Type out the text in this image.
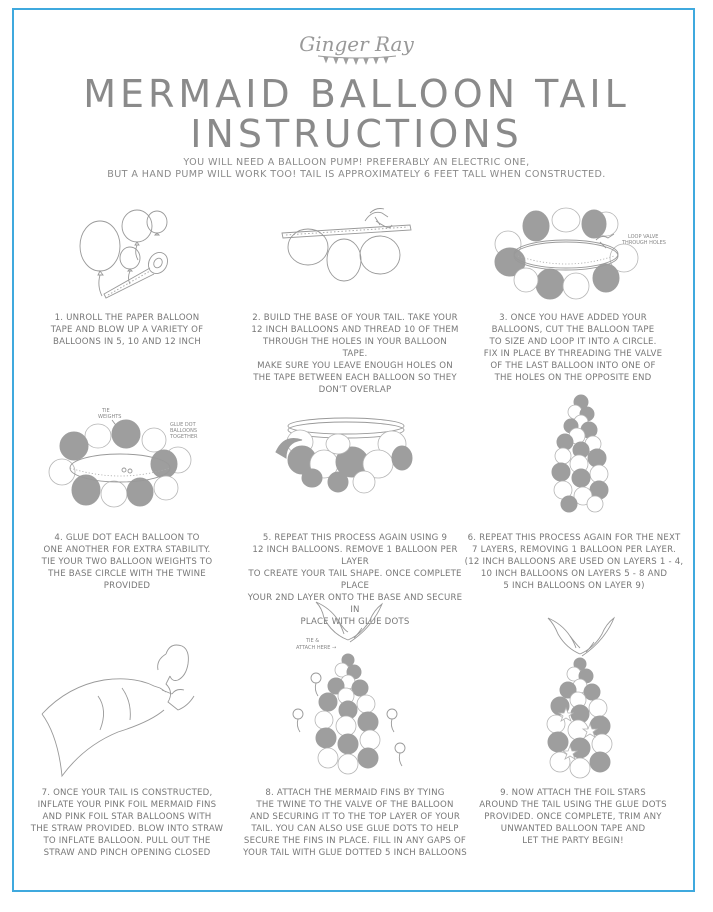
Ginger Ray
MERMAID BALLOON TAIL
INSTRUCTIONS
YOU WILL NEED A BALLOON PUMP! PREFERABLY AN ELECTRIC ONE,
BUT A HAND PUMP WILL WORK TOO! TAIL IS APPROXIMATELY 6 FEET TALL WHEN CONSTRUCTED.
1. UNROLL THE PAPER BALLOON
TAPE AND BLOW UP A VARIETY OF
BALLOONS IN 5, 10 AND 12 INCH
2. BUILD THE BASE OF YOUR TAIL. TAKE YOUR
12 INCH BALLOONS AND THREAD 10 OF THEM
THROUGH THE HOLES IN YOUR BALLOON TAPE.
MAKE SURE YOU LEAVE ENOUGH HOLES ON
THE TAPE BETWEEN EACH BALLOON SO THEY
DON'T OVERLAP
LOOP VALVE
THROUGH HOLES
3. ONCE YOU HAVE ADDED YOUR
BALLOONS, CUT THE BALLOON TAPE
TO SIZE AND LOOP IT INTO A CIRCLE.
FIX IN PLACE BY THREADING THE VALVE
OF THE LAST BALLOON INTO ONE OF
THE HOLES ON THE OPPOSITE END
TIE
WEIGHTS
GLUE DOT
BALLOONS
TOGETHER
4. GLUE DOT EACH BALLOON TO
ONE ANOTHER FOR EXTRA STABILITY.
TIE YOUR TWO BALLOON WEIGHTS TO
THE BASE CIRCLE WITH THE TWINE
PROVIDED
5. REPEAT THIS PROCESS AGAIN USING 9
12 INCH BALLOONS. REMOVE 1 BALLOON PER LAYER
TO CREATE YOUR TAIL SHAPE. ONCE COMPLETE PLACE
YOUR 2ND LAYER ONTO THE BASE AND SECURE IN
PLACE WITH GLUE DOTS
6. REPEAT THIS PROCESS AGAIN FOR THE NEXT
7 LAYERS, REMOVING 1 BALLOON PER LAYER.
(12 INCH BALLOONS ARE USED ON LAYERS 1 - 4,
10 INCH BALLOONS ON LAYERS 5 - 8 AND
5 INCH BALLOONS ON LAYER 9)
7. ONCE YOUR TAIL IS CONSTRUCTED,
INFLATE YOUR PINK FOIL MERMAID FINS
AND PINK FOIL STAR BALLOONS WITH
THE STRAW PROVIDED. BLOW INTO STRAW
TO INFLATE BALLOON. PULL OUT THE
STRAW AND PINCH OPENING CLOSED
TIE &
ATTACH HERE →
8. ATTACH THE MERMAID FINS BY TYING
THE TWINE TO THE VALVE OF THE BALLOON
AND SECURING IT TO THE TOP LAYER OF YOUR
TAIL. YOU CAN ALSO USE GLUE DOTS TO HELP
SECURE THE FINS IN PLACE. FILL IN ANY GAPS OF
YOUR TAIL WITH GLUE DOTTED 5 INCH BALLOONS
9. NOW ATTACH THE FOIL STARS
AROUND THE TAIL USING THE GLUE DOTS
PROVIDED. ONCE COMPLETE, TRIM ANY
UNWANTED BALLOON TAPE AND
LET THE PARTY BEGIN!
